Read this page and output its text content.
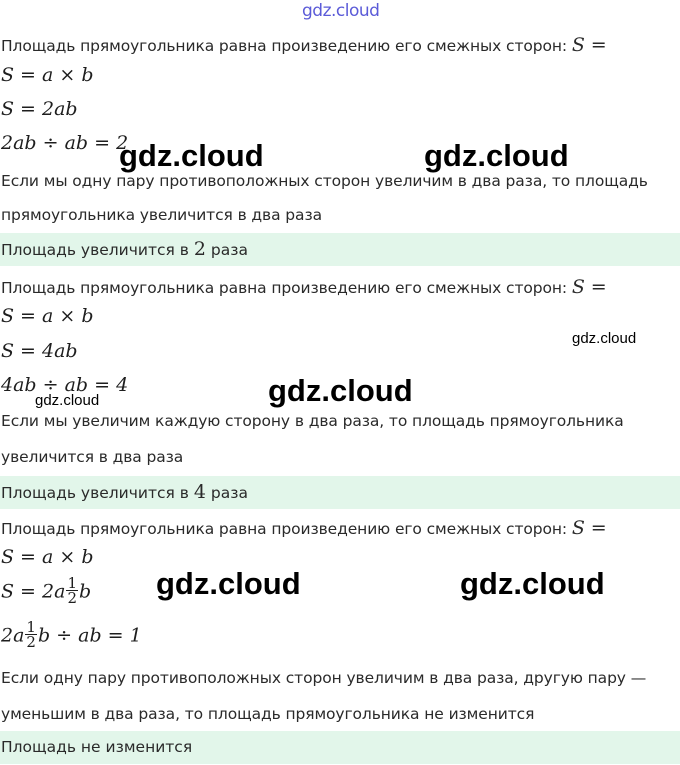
gdz.cloud
Площадь прямоугольника равна произведению его смежных сторон: S =
S = a × b
S = 2ab
2ab ÷ ab = 2
Если мы одну пару противоположных сторон увеличим в два раза, то площадь
прямоугольника увеличится в два раза
Площадь увеличится в 2 раза
Площадь прямоугольника равна произведению его смежных сторон: S =
S = a × b
S = 4ab
4ab ÷ ab = 4
Если мы увеличим каждую сторону в два раза, то площадь прямоугольника
увеличится в два раза
Площадь увеличится в 4 раза
Площадь прямоугольника равна произведению его смежных сторон: S =
S = a × b
$S = 2a \frac{1}{2}$ b
$2a \frac{1}{2}$ b ÷ ab = 1
Если одну пару противоположных сторон увеличим в два раза, другую пару —
уменьшим в два раза, то площадь прямоугольника не изменится
Площадь не изменится
gdz.cloud	gdz.cloud
gdz.cloud
gdz.cloud
gdz.cloud
gdz.cloud	gdz.cloud
